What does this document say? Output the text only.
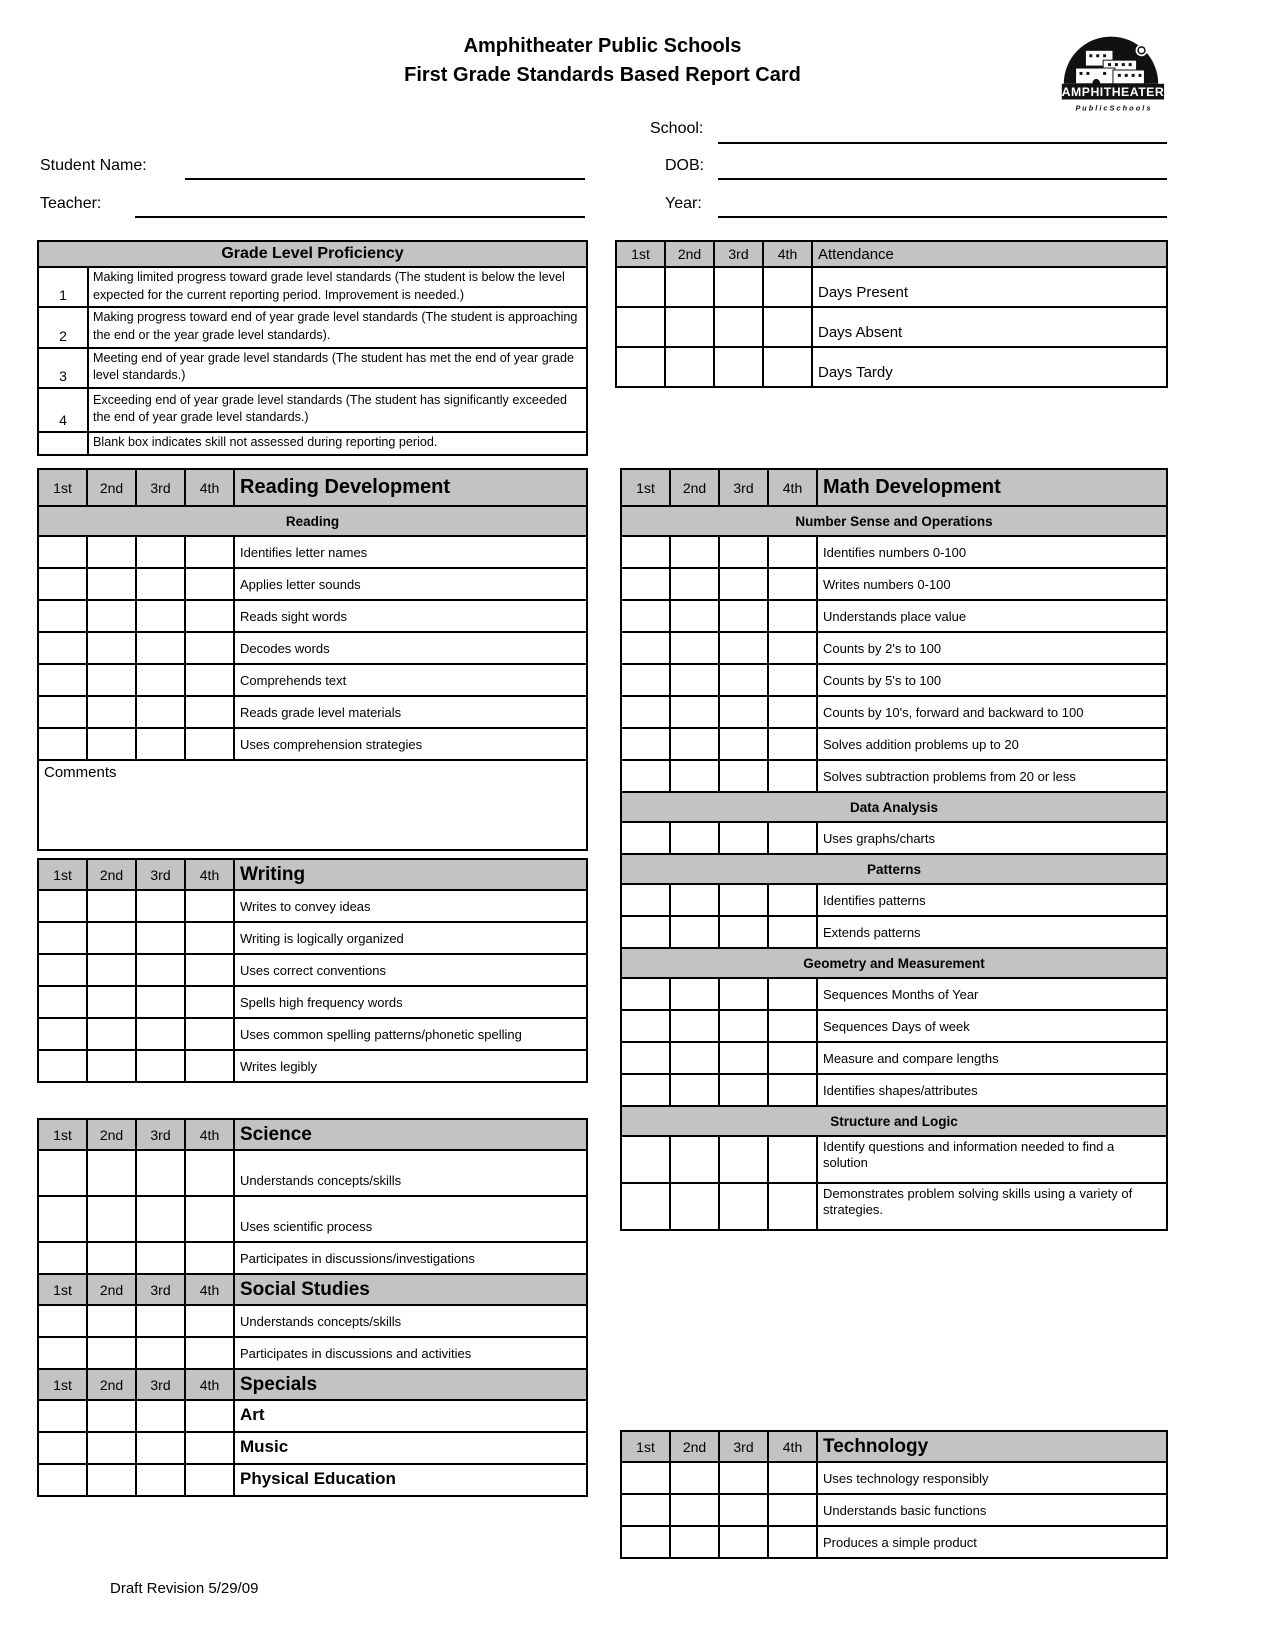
Amphitheater Public Schools
First Grade Standards Based Report Card
AMPHITHEATER
P u b l i c S c h o o l s
School:
Student Name:	DOB:
Teacher:	Year:
Grade Level Proficiency	
1	Making limited progress toward grade level standards (The student is below the level expected for the current reporting period. Improvement is needed.)
2	Making progress toward end of year grade level standards (The student is approaching the end or the year grade level standards).
3	Meeting end of year grade level standards (The student has met the end of year grade level standards.)
4	Exceeding end of year grade level standards (The student has significantly exceeded the end of year grade level standards.)
	Blank box indicates skill not assessed during reporting period.
1st	2nd	3rd	4th	Attendance
				Days Present
				Days Absent
				Days Tardy
1st	2nd	3rd	4th	Reading Development
Reading				
				Identifies letter names
				Applies letter sounds
				Reads sight words
				Decodes words
				Comprehends text
				Reads grade level materials
				Uses comprehension strategies
Comments				
1st	2nd	3rd	4th	Math Development
Number Sense and Operations				
				Identifies numbers 0-100
				Writes numbers 0-100
				Understands place value
				Counts by 2's to 100
				Counts by 5's to 100
				Counts by 10's, forward and backward to 100
				Solves addition problems up to 20
				Solves subtraction problems from 20 or less
Data Analysis				
				Uses graphs/charts
Patterns				
				Identifies patterns
				Extends patterns
Geometry and Measurement				
				Sequences Months of Year
				Sequences Days of week
				Measure and compare lengths
				Identifies shapes/attributes
Structure and Logic				
				Identify questions and information needed to find a solution
				Demonstrates problem solving skills using a variety of strategies.
1st	2nd	3rd	4th	Writing
				Writes to convey ideas
				Writing is logically organized
				Uses correct conventions
				Spells high frequency words
				Uses common spelling patterns/phonetic spelling
				Writes legibly
1st	2nd	3rd	4th	Science
				Understands concepts/skills
				Uses scientific process
				Participates in discussions/investigations
1st	2nd	3rd	4th	Social Studies
				Understands concepts/skills
				Participates in discussions and activities
1st	2nd	3rd	4th	Specials
				Art
				Music
				Physical Education
1st	2nd	3rd	4th	Technology
				Uses technology responsibly
				Understands basic functions
				Produces a simple product
Draft Revision 5/29/09
